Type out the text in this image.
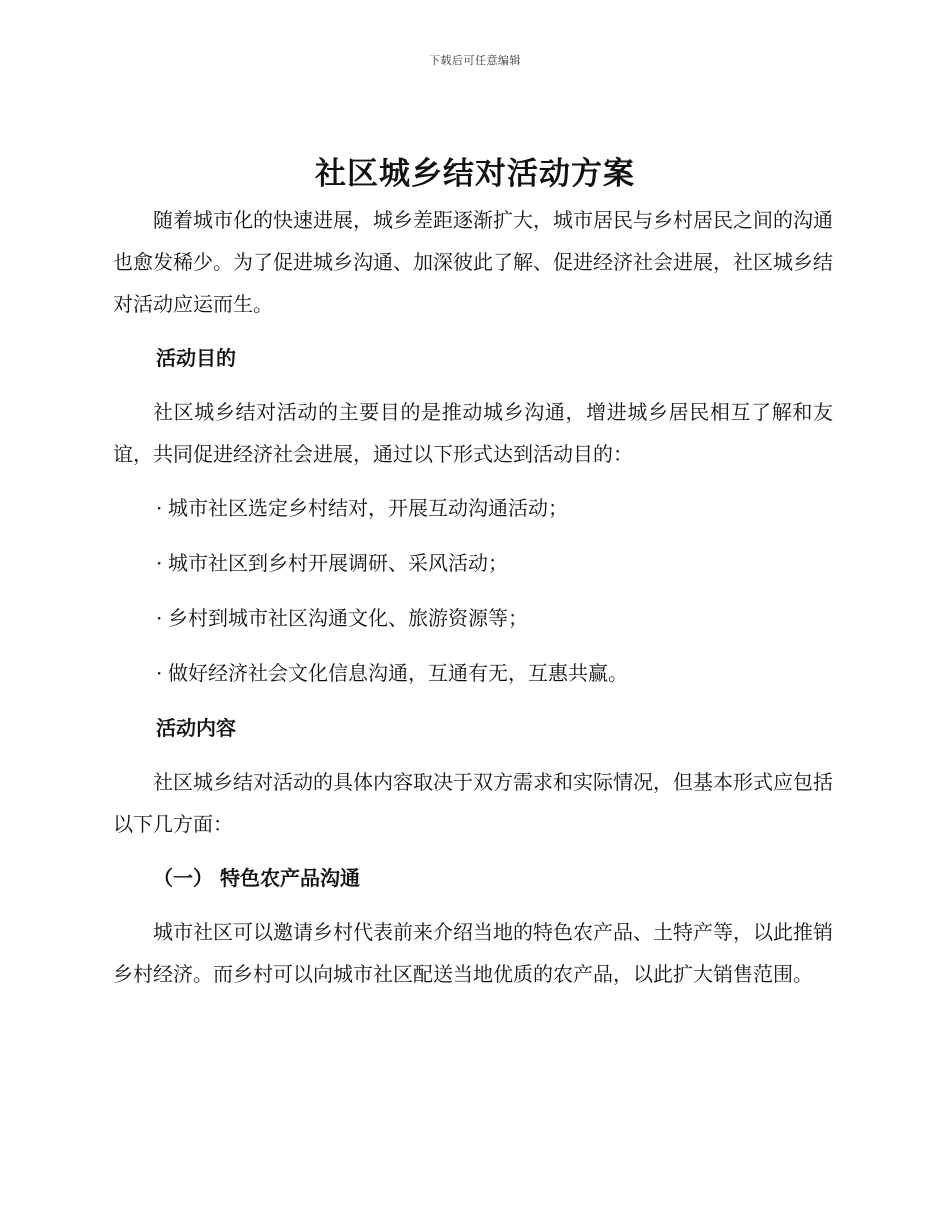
下载后可任意编辑
社区城乡结对活动方案

随着城市化的快速进展，城乡差距逐渐扩大，城市居民与乡村居民之间的沟通也愈发稀少。为了促进城乡沟通、加深彼此了解、促进经济社会进展，社区城乡结对活动应运而生。

活动目的

社区城乡结对活动的主要目的是推动城乡沟通，增进城乡居民相互了解和友谊，共同促进经济社会进展，通过以下形式达到活动目的：

· 城市社区选定乡村结对，开展互动沟通活动；
· 城市社区到乡村开展调研、采风活动；
· 乡村到城市社区沟通文化、旅游资源等；
· 做好经济社会文化信息沟通，互通有无，互惠共赢。
活动内容

社区城乡结对活动的具体内容取决于双方需求和实际情况，但基本形式应包括以下几方面：

（一） 特色农产品沟通

城市社区可以邀请乡村代表前来介绍当地的特色农产品、土特产等，以此推销乡村经济。而乡村可以向城市社区配送当地优质的农产品，以此扩大销售范围。
